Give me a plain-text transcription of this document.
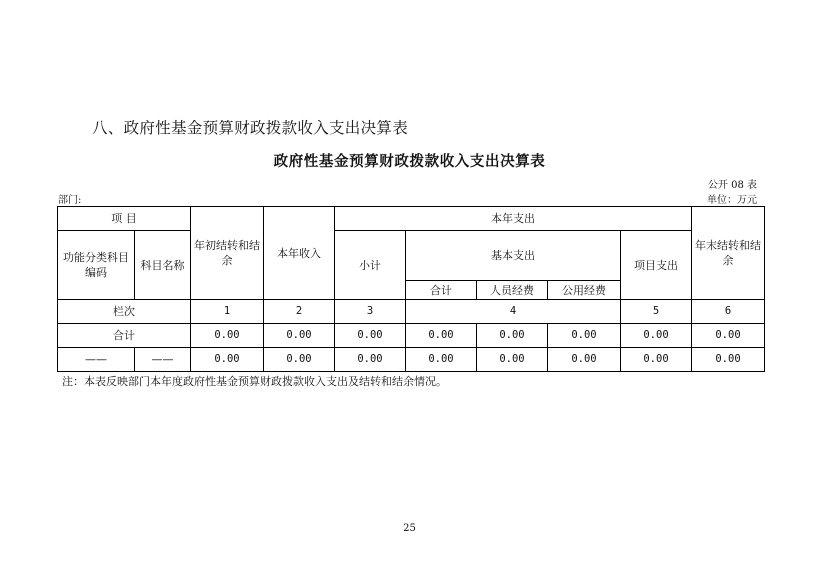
八、政府性基金预算财政拨款收入支出决算表
政府性基金预算财政拨款收入支出决算表
公开 08 表
部门:	单位：万元
项 目		年初结转和结余	本年收入	本年支出					年末结转和结余
功能分类科目编码	科目名称			小计	基本支出			项目支出	
					合计	人员经费	公用经费		
栏次		1	2	3	4			5	6
合计		0.00	0.00	0.00	0.00	0.00	0.00	0.00	0.00
——	——	0.00	0.00	0.00	0.00	0.00	0.00	0.00	0.00
注：本表反映部门本年度政府性基金预算财政拨款收入支出及结转和结余情况。
25
